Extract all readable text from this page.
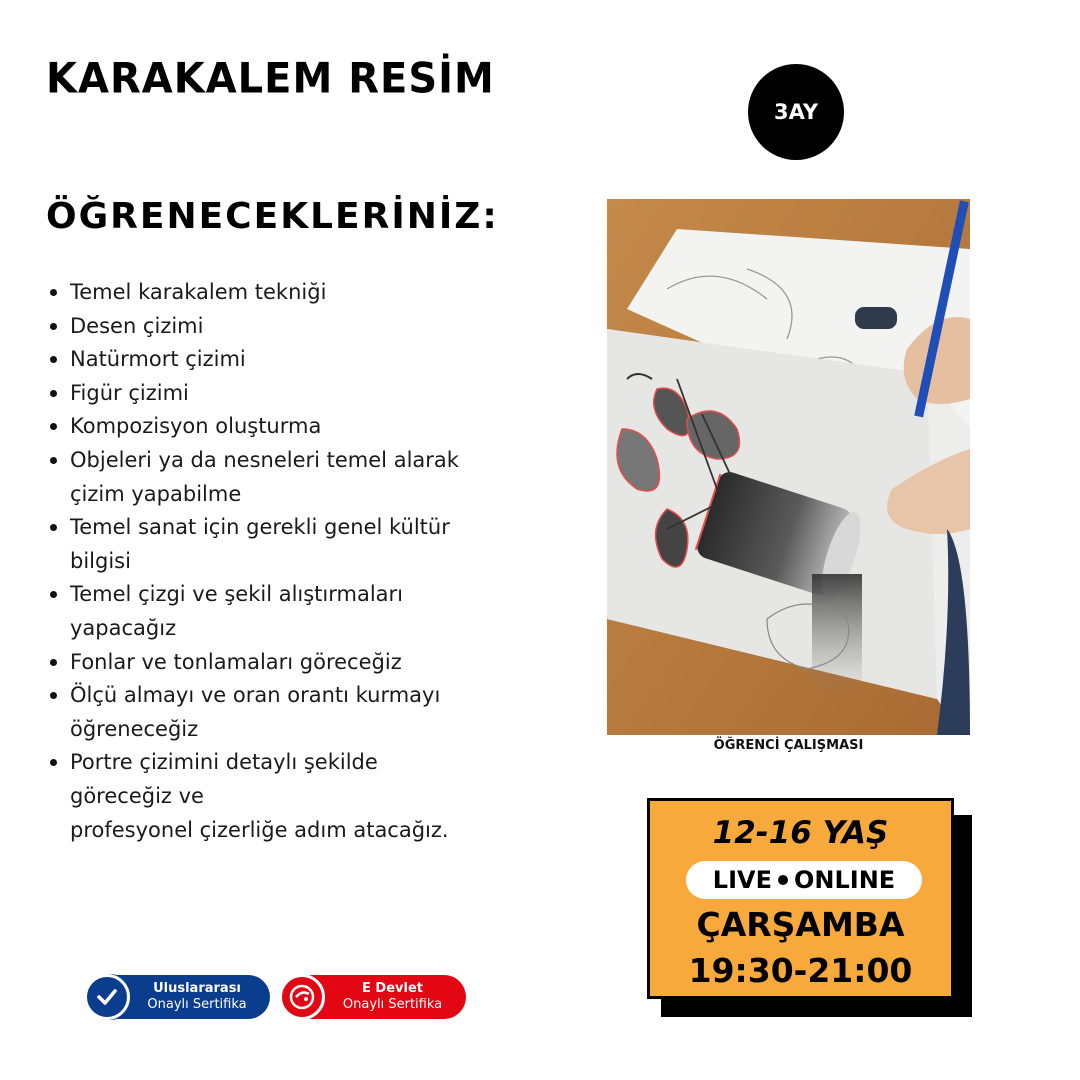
KARAKALEM RESİM
3AY
ÖĞRENECEKLERİNİZ:
Temel karakalem tekniği
Desen çizimi
Natürmort çizimi
Figür çizimi
Kompozisyon oluşturma
Objeleri ya da nesneleri temel alarak
çizim yapabilme
Temel sanat için gerekli genel kültür
bilgisi
Temel çizgi ve şekil alıştırmaları
yapacağız
Fonlar ve tonlamaları göreceğiz
Ölçü almayı ve oran orantı kurmayı
öğreneceğiz
Portre çizimini detaylı şekilde
göreceğiz ve
profesyonel çizerliğe adım atacağız.

ÖĞRENCİ ÇALIŞMASI

12-16 YAŞ

LIVE ONLINE

ÇARŞAMBA

19:30-21:00

Uluslararası
Onaylı Sertifika
E Devlet
Onaylı Sertifika
